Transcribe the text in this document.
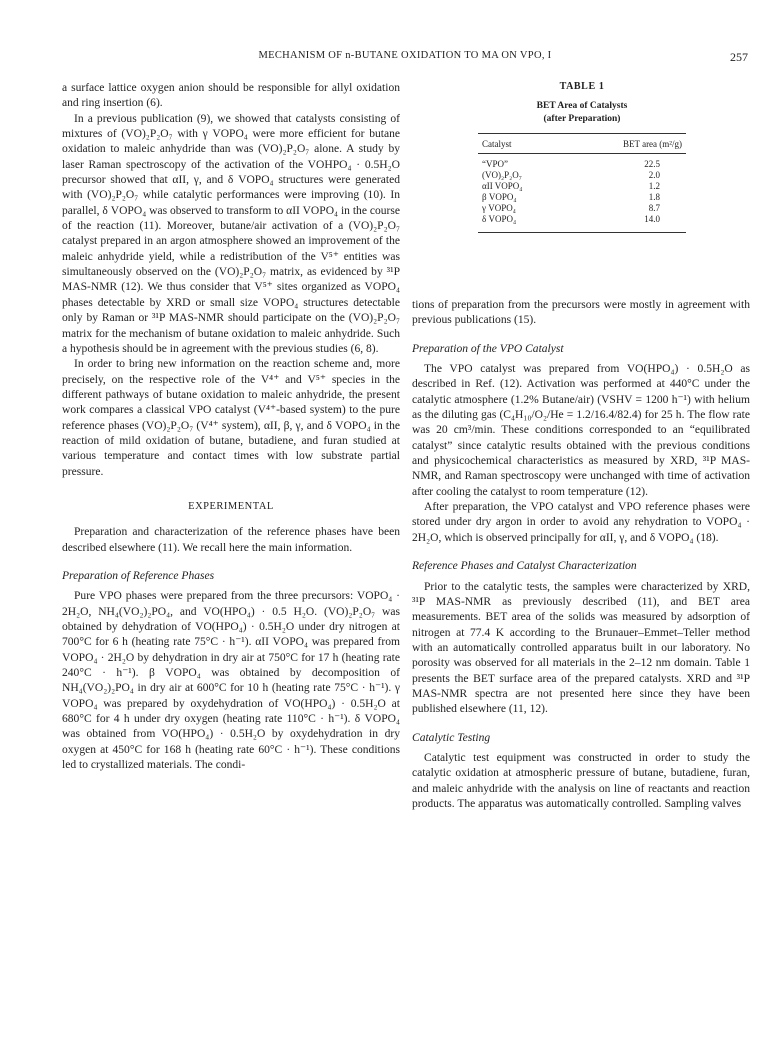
MECHANISM OF n-BUTANE OXIDATION TO MA ON VPO, I	257

a surface lattice oxygen anion should be responsible for allyl oxidation and ring insertion (6).

In a previous publication (9), we showed that catalysts consisting of mixtures of (VO)₂P₂O₇ with γ VOPO₄ were more efficient for butane oxidation to maleic anhydride than was (VO)₂P₂O₇ alone. A study by laser Raman spectroscopy of the activation of the VOHPO₄ · 0.5H₂O precursor showed that αII, γ, and δ VOPO₄ structures were generated with (VO)₂P₂O₇ while catalytic performances were improving (10). In parallel, δ VOPO₄ was observed to transform to αII VOPO₄ in the course of the reaction (11). Moreover, butane/air activation of a (VO)₂P₂O₇ catalyst prepared in an argon atmosphere showed an improvement of the maleic anhydride yield, while a redistribution of the V⁵⁺ entities was simultaneously observed on the (VO)₂P₂O₇ matrix, as evidenced by ³¹P MAS-NMR (12). We thus consider that V⁵⁺ sites organized as VOPO₄ phases detectable by XRD or small size VOPO₄ structures detectable only by Raman or ³¹P MAS-NMR should participate on the (VO)₂P₂O₇ matrix for the mechanism of butane oxidation to maleic anhydride. Such a hypothesis should be in agreement with the previous studies (6, 8).

In order to bring new information on the reaction scheme and, more precisely, on the respective role of the V⁴⁺ and V⁵⁺ species in the different pathways of butane oxidation to maleic anhydride, the present work compares a classical VPO catalyst (V⁴⁺-based system) to the pure reference phases (VO)₂P₂O₇ (V⁴⁺ system), αII, β, γ, and δ VOPO₄ in the reaction of mild oxidation of butane, butadiene, and furan studied at various temperature and contact times with low substrate partial pressure.

EXPERIMENTAL

Preparation and characterization of the reference phases have been described elsewhere (11). We recall here the main information.

Preparation of Reference Phases

Pure VPO phases were prepared from the three precursors: VOPO₄ · 2H₂O, NH₄(VO₂)₂PO₄, and VO(HPO₄) · 0.5 H₂O. (VO)₂P₂O₇ was obtained by dehydration of VO(HPO₄) · 0.5H₂O under dry nitrogen at 700°C for 6 h (heating rate 75°C · h⁻¹). αII VOPO₄ was prepared from VOPO₄ · 2H₂O by dehydration in dry air at 750°C for 17 h (heating rate 240°C · h⁻¹). β VOPO₄ was obtained by decomposition of NH₄(VO₂)₂PO₄ in dry air at 600°C for 10 h (heating rate 75°C · h⁻¹). γ VOPO₄ was prepared by oxydehydration of VO(HPO₄) · 0.5H₂O at 680°C for 4 h under dry oxygen (heating rate 110°C · h⁻¹). δ VOPO₄ was obtained from VO(HPO₄) · 0.5H₂O by oxydehydration in dry oxygen at 450°C for 168 h (heating rate 60°C · h⁻¹). These conditions led to crystallized materials. The condi-

TABLE 1
BET Area of Catalysts
(after Preparation)
Catalyst	BET area (m²/g)
“VPO”	22.5
(VO)₂P₂O₇	2.0
αII VOPO₄	1.2
β VOPO₄	1.8
γ VOPO₄	8.7
δ VOPO₄	14.0

tions of preparation from the precursors were mostly in agreement with previous publications (15).

Preparation of the VPO Catalyst

The VPO catalyst was prepared from VO(HPO₄) · 0.5H₂O as described in Ref. (12). Activation was performed at 440°C under the catalytic atmosphere (1.2% Butane/air) (VSHV = 1200 h⁻¹) with helium as the diluting gas (C₄H₁₀/O₂/He = 1.2/16.4/82.4) for 25 h. The flow rate was 20 cm³/min. These conditions corresponded to an “equilibrated catalyst” since catalytic results obtained with the previous conditions and physicochemical characteristics as measured by XRD, ³¹P MAS-NMR, and Raman spectroscopy were unchanged with time of activation after cooling the catalyst to room temperature (12).

After preparation, the VPO catalyst and VPO reference phases were stored under dry argon in order to avoid any rehydration to VOPO₄ · 2H₂O, which is observed principally for αII, γ, and δ VOPO₄ (18).

Reference Phases and Catalyst Characterization

Prior to the catalytic tests, the samples were characterized by XRD, ³¹P MAS-NMR as previously described (11), and BET area measurements. BET area of the solids was measured by adsorption of nitrogen at 77.4 K according to the Brunauer–Emmet–Teller method with an automatically controlled apparatus built in our laboratory. No porosity was observed for all materials in the 2–12 nm domain. Table 1 presents the BET surface area of the prepared catalysts. XRD and ³¹P MAS-NMR spectra are not presented here since they have been published elsewhere (11, 12).

Catalytic Testing

Catalytic test equipment was constructed in order to study the catalytic oxidation at atmospheric pressure of butane, butadiene, furan, and maleic anhydride with the analysis on line of reactants and reaction products. The apparatus was automatically controlled. Sampling valves
